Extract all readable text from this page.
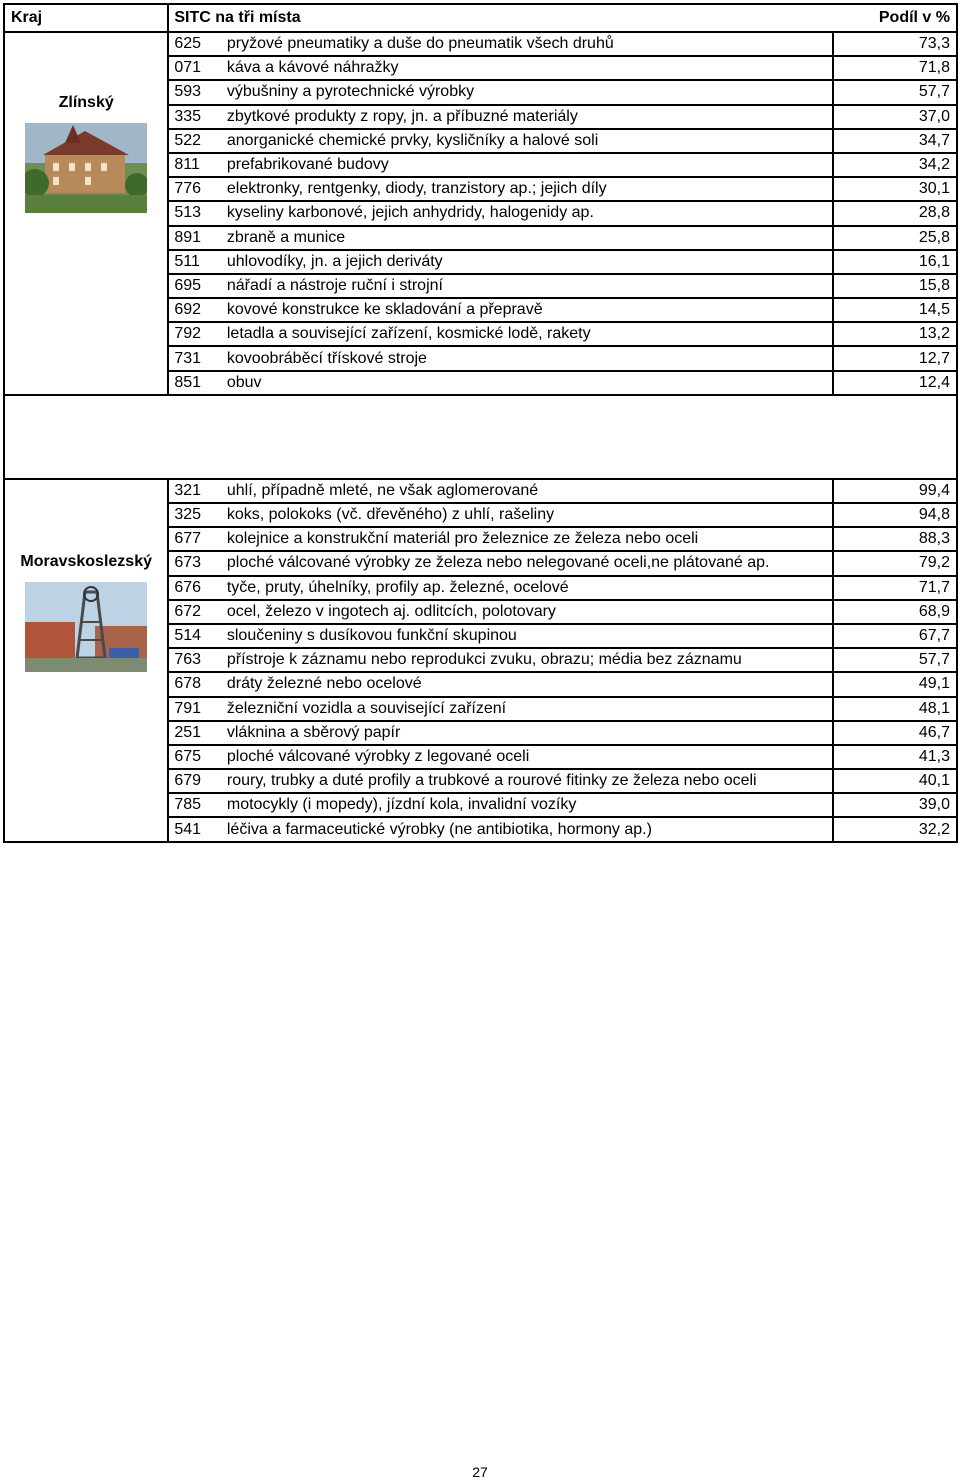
Kraj	SITC na tři místa		Podíl v %

Zlínský	625	pryžové pneumatiky a duše do pneumatik všech druhů	73,3
	071	káva a kávové náhražky	71,8
	593	výbušniny a pyrotechnické výrobky	57,7
	335	zbytkové produkty z ropy, jn. a příbuzné materiály	37,0
	522	anorganické chemické prvky, kysličníky a halové soli	34,7
	811	prefabrikované budovy	34,2
	776	elektronky, rentgenky, diody, tranzistory ap.; jejich díly	30,1
	513	kyseliny karbonové, jejich anhydridy, halogenidy ap.	28,8
	891	zbraně a munice	25,8
	511	uhlovodíky, jn. a jejich deriváty	16,1
	695	nářadí a nástroje ruční i strojní	15,8
	692	kovové konstrukce ke skladování a přepravě	14,5
	792	letadla a související zařízení, kosmické lodě, rakety	13,2
	731	kovoobráběcí třískové stroje	12,7
	851	obuv	12,4

Moravskoslezský	321	uhlí, případně mleté, ne však aglomerované	99,4
	325	koks, polokoks (vč. dřevěného) z uhlí, rašeliny	94,8
	677	kolejnice a konstrukční materiál pro železnice ze železa nebo oceli	88,3
	673	ploché válcované výrobky ze železa nebo nelegované oceli,ne plátované ap.	79,2
	676	tyče, pruty, úhelníky, profily ap. železné, ocelové	71,7
	672	ocel, železo v ingotech aj. odlitcích, polotovary	68,9
	514	sloučeniny s dusíkovou funkční skupinou	67,7
	763	přístroje k záznamu nebo reprodukci zvuku, obrazu; média bez záznamu	57,7
	678	dráty železné nebo ocelové	49,1
	791	železniční vozidla a související zařízení	48,1
	251	vláknina a sběrový papír	46,7
	675	ploché válcované výrobky z legované oceli	41,3
	679	roury, trubky a duté profily a trubkové a rourové fitinky ze železa nebo oceli	40,1
	785	motocykly (i mopedy), jízdní kola, invalidní vozíky	39,0
	541	léčiva a farmaceutické výrobky (ne antibiotika, hormony ap.)	32,2
27
